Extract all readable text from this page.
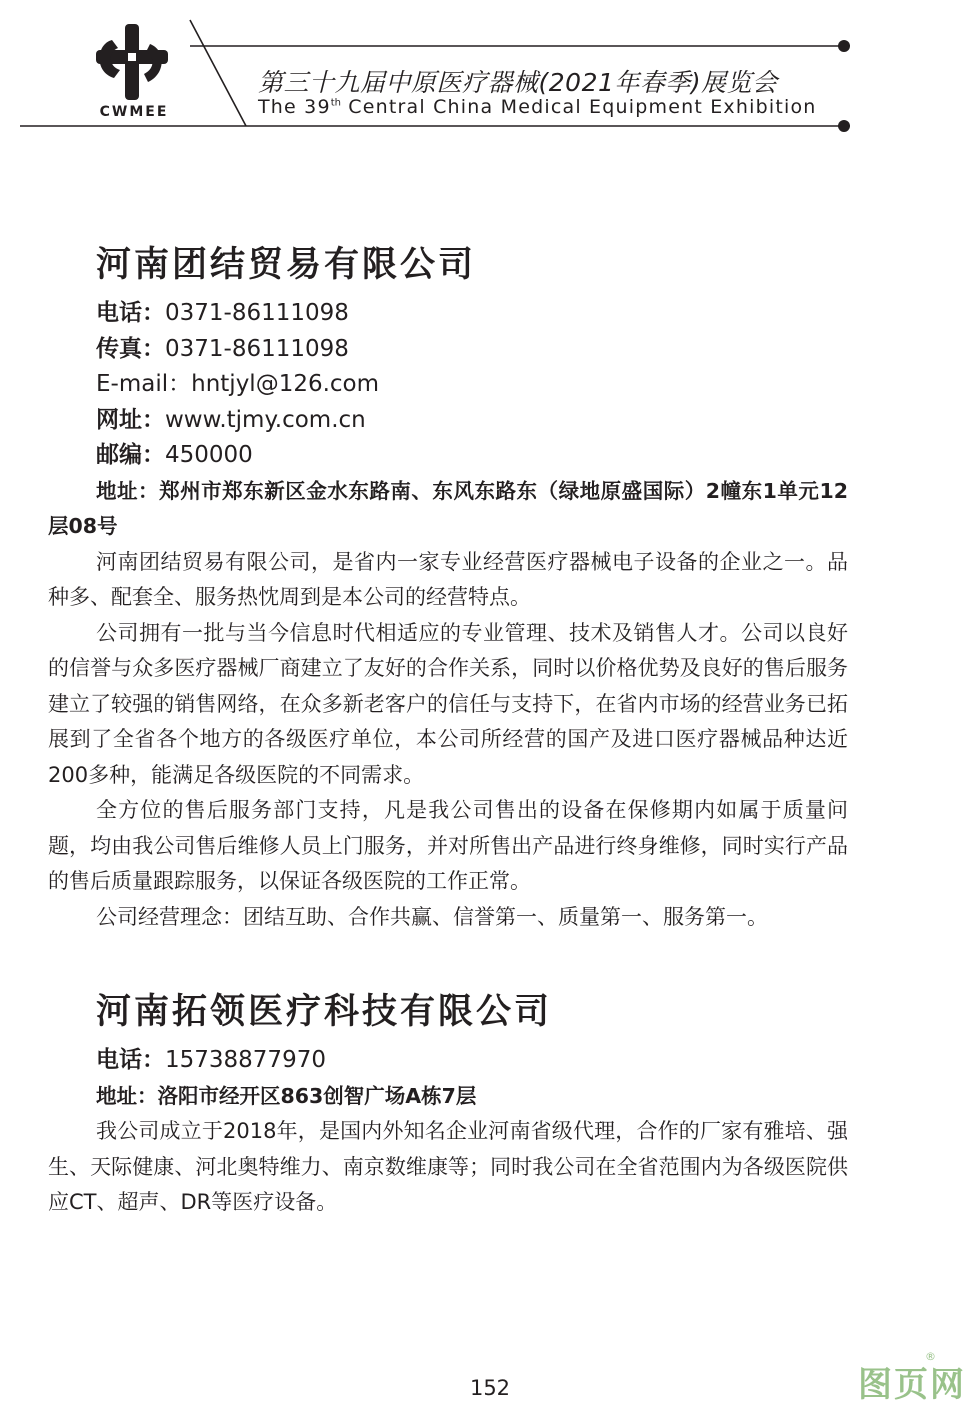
CWMEE
第三十九届中原医疗器械(2021年春季)展览会
The 39th Central China Medical Equipment Exhibition
河南团结贸易有限公司
电话：0371-86111098
传真：0371-86111098
E-mail：hntjyl@126.com
网址：www.tjmy.com.cn
邮编：450000

地址：郑州市郑东新区金水东路南、东风东路东（绿地原盛国际）2幢东1单元12层08号

河南团结贸易有限公司，是省内一家专业经营医疗器械电子设备的企业之一。品种多、配套全、服务热忱周到是本公司的经营特点。

公司拥有一批与当今信息时代相适应的专业管理、技术及销售人才。公司以良好的信誉与众多医疗器械厂商建立了友好的合作关系，同时以价格优势及良好的售后服务建立了较强的销售网络，在众多新老客户的信任与支持下，在省内市场的经营业务已拓展到了全省各个地方的各级医疗单位，本公司所经营的国产及进口医疗器械品种达近200多种，能满足各级医院的不同需求。

全方位的售后服务部门支持，凡是我公司售出的设备在保修期内如属于质量问题，均由我公司售后维修人员上门服务，并对所售出产品进行终身维修，同时实行产品的售后质量跟踪服务，以保证各级医院的工作正常。

公司经营理念：团结互助、合作共赢、信誉第一、质量第一、服务第一。

河南拓领医疗科技有限公司
电话：15738877970

地址：洛阳市经开区863创智广场A栋7层

我公司成立于2018年，是国内外知名企业河南省级代理，合作的厂家有雅培、强生、天际健康、河北奥特维力、南京数维康等；同时我公司在全省范围内为各级医院供应CT、超声、DR等医疗设备。

152	图页网
®
